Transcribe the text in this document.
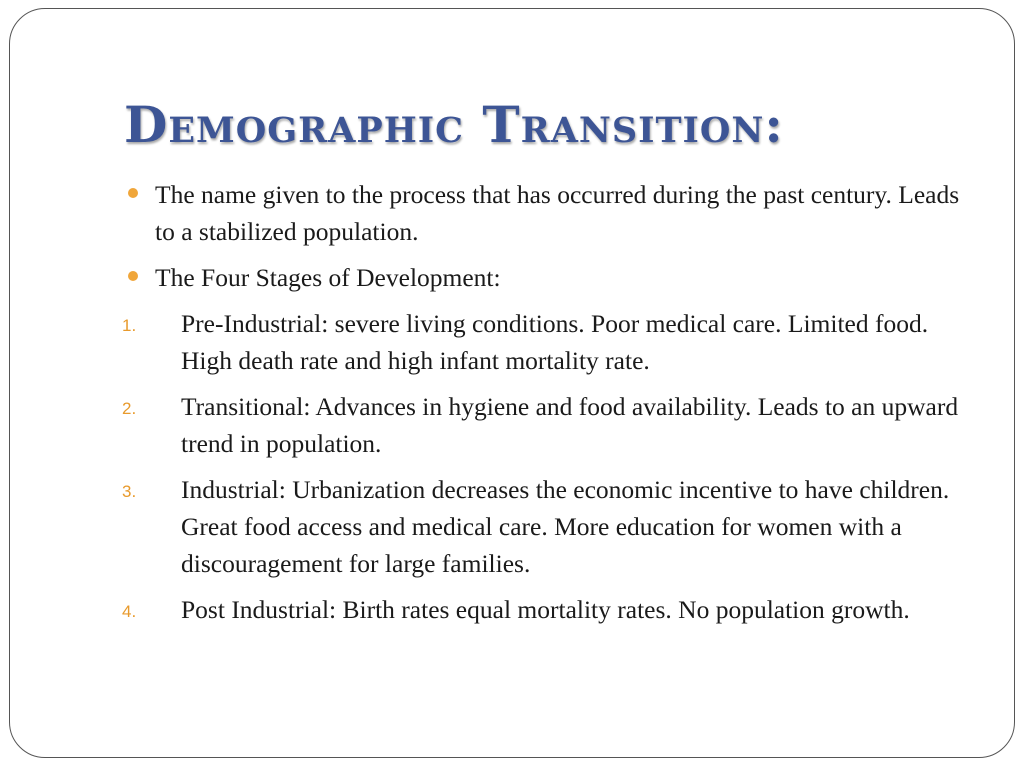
Demographic Transition:
The name given to the process that has occurred during the past century. Leads to a stabilized population.
The Four Stages of Development:
1. Pre-Industrial: severe living conditions. Poor medical care. Limited food. High death rate and high infant mortality rate.
2. Transitional: Advances in hygiene and food availability. Leads to an upward trend in population.
3. Industrial: Urbanization decreases the economic incentive to have children. Great food access and medical care. More education for women with a discouragement for large families.
4. Post Industrial: Birth rates equal mortality rates. No population growth.
